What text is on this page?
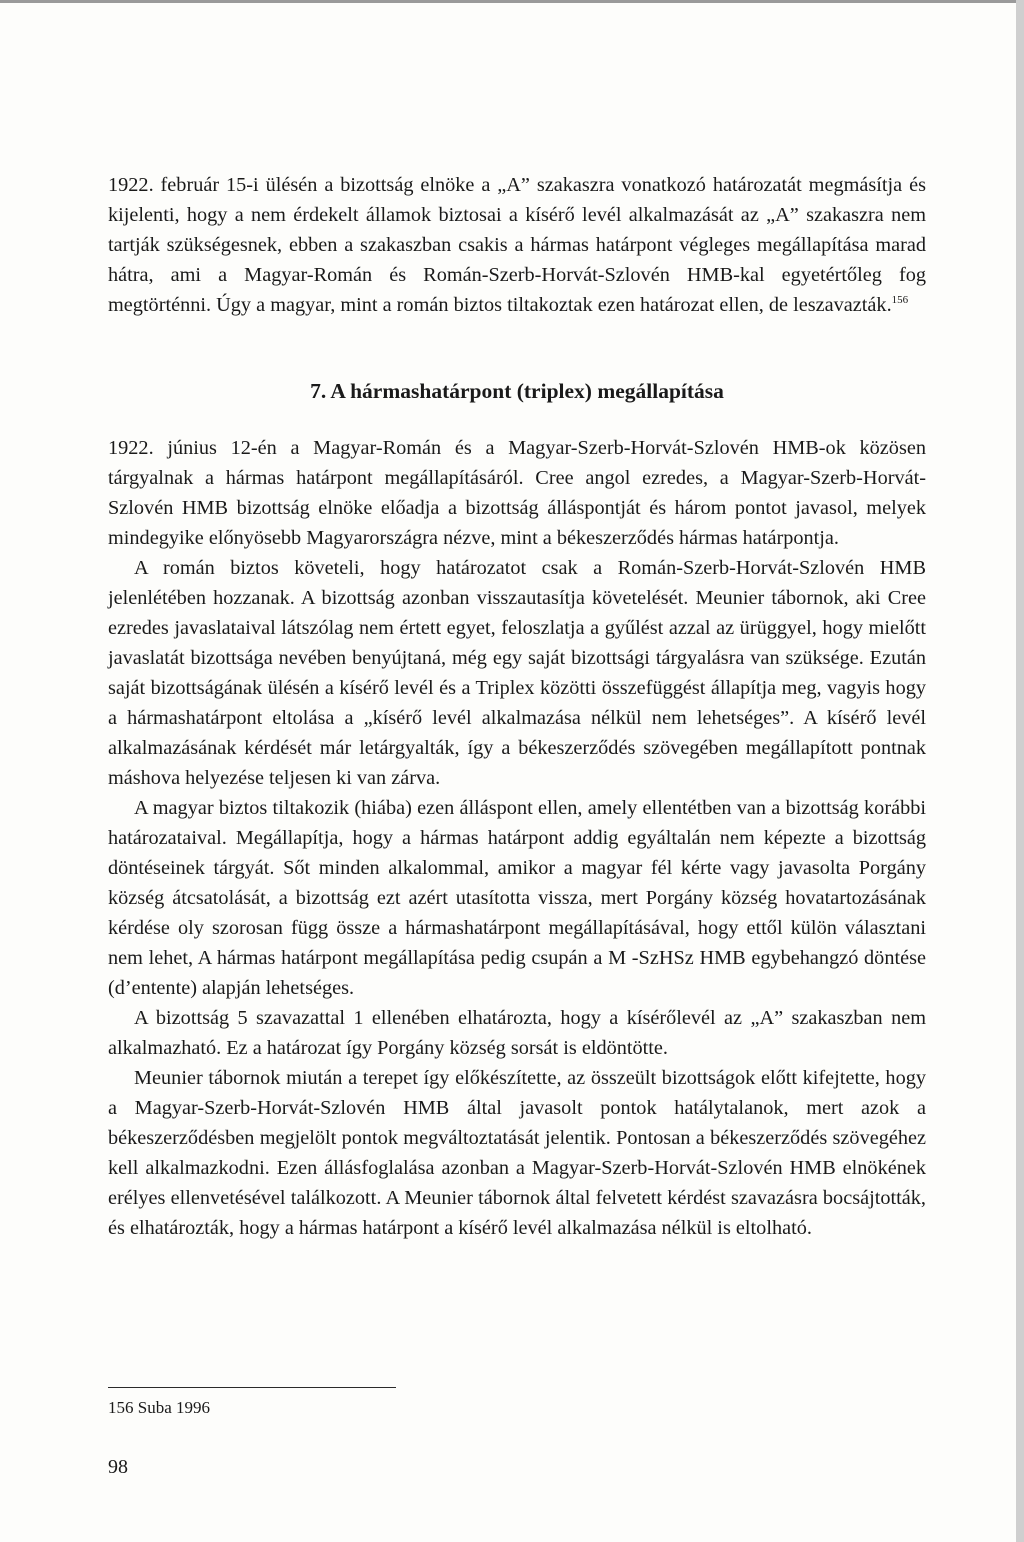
1922. február 15-i ülésén a bizottság elnöke a „A” szakaszra vonatkozó határozatát megmásítja és kijelenti, hogy a nem érdekelt államok biztosai a kísérő levél alkalmazását az „A” szakaszra nem tartják szükségesnek, ebben a szakaszban csakis a hármas határpont végleges megállapítása marad hátra, ami a Magyar-Román és Román-Szerb-Horvát-Szlovén HMB-kal egyetértőleg fog megtörténni. Úgy a magyar, mint a román biztos tiltakoztak ezen határozat ellen, de leszavazták.$^{156}$

7. A hármashatárpont (triplex) megállapítása

1922. június 12-én a Magyar-Román és a Magyar-Szerb-Horvát-Szlovén HMB-ok közösen tárgyalnak a hármas határpont megállapításáról. Cree angol ezredes, a Magyar-Szerb-Horvát-Szlovén HMB bizottság elnöke előadja a bizottság álláspontját és három pontot javasol, melyek mindegyike előnyösebb Magyarországra nézve, mint a békeszerződés hármas határpontja.

A román biztos követeli, hogy határozatot csak a Román-Szerb-Horvát-Szlovén HMB jelenlétében hozzanak. A bizottság azonban visszautasítja követelését. Meunier tábornok, aki Cree ezredes javaslataival látszólag nem értett egyet, feloszlatja a gyűlést azzal az ürüggyel, hogy mielőtt javaslatát bizottsága nevében benyújtaná, még egy saját bizottsági tárgyalásra van szüksége. Ezután saját bizottságának ülésén a kísérő levél és a Triplex közötti összefüggést állapítja meg, vagyis hogy a hármashatárpont eltolása a „kísérő levél alkalmazása nélkül nem lehetséges”. A kísérő levél alkalmazásának kérdését már letárgyalták, így a békeszerződés szövegében megállapított pontnak máshova helyezése teljesen ki van zárva.

A magyar biztos tiltakozik (hiába) ezen álláspont ellen, amely ellentétben van a bizottság korábbi határozataival. Megállapítja, hogy a hármas határpont addig egyáltalán nem képezte a bizottság döntéseinek tárgyát. Sőt minden alkalommal, amikor a magyar fél kérte vagy javasolta Porgány község átcsatolását, a bizottság ezt azért utasította vissza, mert Porgány község hovatartozásának kérdése oly szorosan függ össze a hármashatárpont megállapításával, hogy ettől külön választani nem lehet, A hármas határpont megállapítása pedig csupán a M -SzHSz HMB egybehangzó döntése (d’entente) alapján lehetséges.

A bizottság 5 szavazattal 1 ellenében elhatározta, hogy a kísérőlevél az „A” szakaszban nem alkalmazható. Ez a határozat így Porgány község sorsát is eldöntötte.

Meunier tábornok miután a terepet így előkészítette, az összeült bizottságok előtt kifejtette, hogy a Magyar-Szerb-Horvát-Szlovén HMB által javasolt pontok hatálytalanok, mert azok a békeszerződésben megjelölt pontok megváltoztatását jelentik. Pontosan a békeszerződés szövegéhez kell alkalmazkodni. Ezen állásfoglalása azonban a Magyar-Szerb-Horvát-Szlovén HMB elnökének erélyes ellenvetésével találkozott. A Meunier tábornok által felvetett kérdést szavazásra bocsájtották, és elhatározták, hogy a hármas határpont a kísérő levél alkalmazása nélkül is eltolható.

156 Suba 1996
98
